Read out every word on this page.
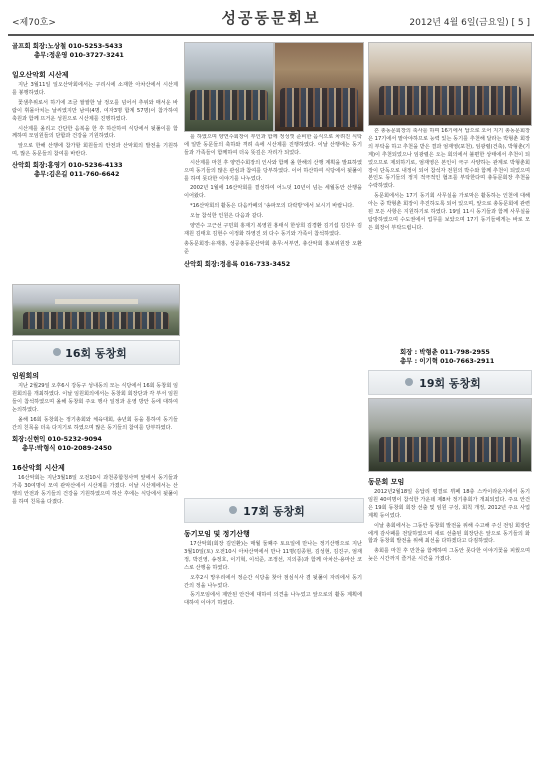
<제70호>	성공동문회보	2012년 4월 6일(금요일) [ 5 ]

골프회 회장:노상철 010-5253-5433

총무:정운영 010-3727-3241

일오산악회 시산제

지난 3월11일 일오산악회에서는 구리시에 소재한 아차산에서 시산제를 봉행하였다.

꽃샘추위로서 하기에 조금 쌀쌀한 날 정오를 넘어서 추위와 매서운 바람이 휘몰아치는 날씨였지만 남여(4명, 여자3명 합계 57명)이 참가하여 축원과 함께 뜨거운 성원으로 시산제를 진행하였다.

시산제를 올리고 간단한 음복을 한 후 하산하여 식당에서 뒷풀이를 함께하며 모임원들의 단합과 건강을 기원하였다.

앞으로 한해 산행에 참가할 회원들의 안전과 산악회의 발전을 기원하며, 많은 동문들의 참여를 바란다.

산악회 회장:홍영기 010-5236-4133

총무:김은길 011-760-6642

16회 동창회
임원회의

지난 2월29일 오후6시 강동구 성내동의 모는 식당에서 16회 동창회 임원회의를 개최하였다. 이날 임원회의에서는 동창회 회장단과 각 부서 임원들이 참석하였으며 올해 동창회 주요 행사 일정과 운영 방안 등에 대하여 논의하였다.

올해 16회 동창회는 정기총회와 체육대회, 송년회 등을 통하여 동기들 간의 친목을 더욱 다지기로 하였으며 많은 동기들의 참여를 당부하였다.

회장:신현익 010-5232-9094

총무:박형식 010-2089-2450

16산악회 시산제

16산악회는 지난3월18일 오전10시 과천종합청사역 앞에서 동기들과 가족 30여명이 모여 관악산에서 시산제를 가졌다. 이날 시산제에서는 산행의 안전과 동기들의 건강을 기원하였으며 하산 후에는 식당에서 뒷풀이를 하며 친목을 다졌다.

를 하였으며 양연수회장이 부인과 함께 정성껏 준비한 음식으로 차려진 식탁에 일반 동문들의 축하와 격려 속에 시산제를 진행하였다. 이날 산행에는 동기들과 가족들이 함께하여 더욱 뜻깊은 자리가 되었다.

시산제를 마친 후 양연수회장의 인사와 함께 올 한해의 산행 계획을 발표하였으며 동기들의 많은 관심과 참여를 당부하였다. 이어 하산하여 식당에서 뒷풀이를 하며 못다한 이야기를 나누었다.

2002년 1월에 16산악회를 결성하여 어느덧 10년이 넘는 세월동안 산행을 이어왔다.

*16산악회의 활동은 다음카페의 '송파모의 다락방'에서 보시기 바랍니다.

오늘 참석한 인원은 다음과 같다.

양연수 고근선 구민회 홍재기 복영원 홍태식 한상희 김경환 김기섭 김진우 김재원 김태호 김현수 이정화 하영진 외 다수 동기와 가족이 참석하였다.

총동문회장:유재홍, 성공총동문산악회 총무:서부연, 총산악회 홍보위원장 오환준

산악회 회장:정용록 016-733-3452

17회 동창회
동기모임 및 정기산행

17산악회(회장 김인환)는 매월 둘째주 토요일에 만나는 정기산행으로 지난 3월10일(토) 오전10시 아차산역에서 만나 11명(김종현, 김성현, 김진구, 엄재정, 박진영, 송정호, 이기혁, 이석준, 조정선, 지의종)과 함께 아차산-용마산 코스로 산행을 하였다.

오후2시 망우리에서 정순간 식당을 찾아 점심식사 겸 뒷풀이 자리에서 동기간의 정을 나누었다.

동기모임에서 제안된 안건에 대하여 의견을 나누었고 앞으로의 활동 계획에 대하여 이야기 하였다.

흔 총동문회장의 축사를 하며 16기에서 답으로 오어 지기 총동문회장은 17기에서 맡아야하므로 능력 있는 동기를 추천해 달라는 박형춘 회장의 부탁을 하고 추천을 받은 결과 엄재영(포천), 임광렬(건축), 박형춘(기계)이 추천되었으나 임광렬은 오는 회의에서 불편한 상태에서 추천이 되었으므로 제외하기로, 엄재영은 본인이 극구 사양하는 관계로 박형춘회장이 단독으로 내정이 되어 참석자 전원의 박수와 함께 추천이 되었으며 본인도 동기들의 정지 적극적인 협조를 부탁한다며 총동문회장 추천을 수락하였다.

동문회에서는 17기 동기회 사무실을 가로막은 활동하는 인천에 대해 아는 중 박형춘 회장이 추진하도록 되어 있으며, 앞으로 총동문회에 관련된 모든 사항은 지원하기로 하였다. 19일 11시 동기들과 함께 사무실을 탐방하였으며 수도권에서 업무를 보았으며 17기 동기들에게는 바로 모든 회장이 부탁드립니다.

회장 : 박형춘 011-798-2955

총무 : 이기혁 010-7663-2911

19회 동창회
동문회 모임

2012년2월18일 응답리 평결로 뷔페 18층 스카이라운지에서 동기 임원 40여명이 참석한 가운데 제8차 정기총회가 개최되었다. 주요 안건은 19회 동창회 회장 선출 및 임원 구성, 회칙 개정, 2012년 주요 사업 계획 등이었다.

이날 총회에서는 그동안 동창회 발전을 위해 수고해 주신 전임 회장단에게 감사패를 전달하였으며 새로 선출된 회장단은 앞으로 동기들의 화합과 동창회 발전을 위해 최선을 다하겠다고 다짐하였다.

총회를 마친 후 만찬을 함께하며 그동안 못다한 이야기꽃을 피웠으며 늦은 시간까지 즐거운 시간을 가졌다.
